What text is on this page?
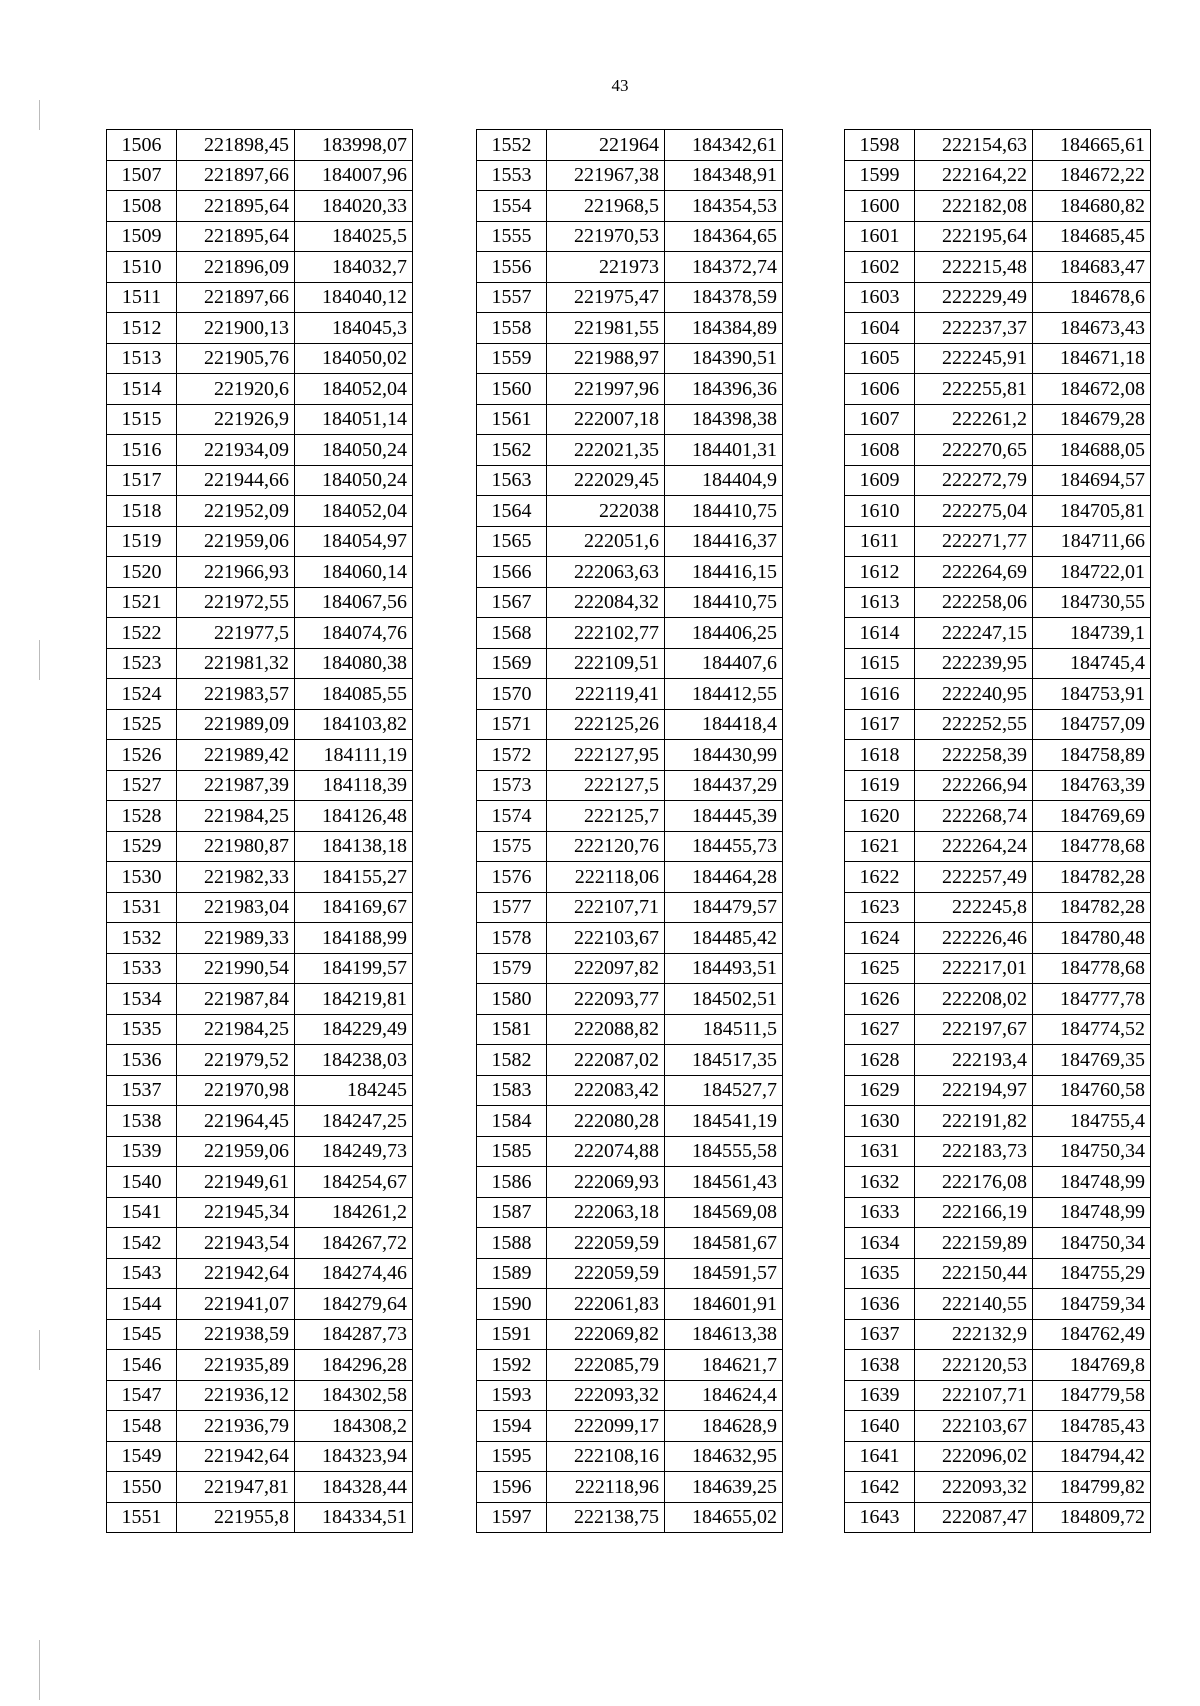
43
1506	221898,45	183998,07
1507	221897,66	184007,96
1508	221895,64	184020,33
1509	221895,64	184025,5
1510	221896,09	184032,7
1511	221897,66	184040,12
1512	221900,13	184045,3
1513	221905,76	184050,02
1514	221920,6	184052,04
1515	221926,9	184051,14
1516	221934,09	184050,24
1517	221944,66	184050,24
1518	221952,09	184052,04
1519	221959,06	184054,97
1520	221966,93	184060,14
1521	221972,55	184067,56
1522	221977,5	184074,76
1523	221981,32	184080,38
1524	221983,57	184085,55
1525	221989,09	184103,82
1526	221989,42	184111,19
1527	221987,39	184118,39
1528	221984,25	184126,48
1529	221980,87	184138,18
1530	221982,33	184155,27
1531	221983,04	184169,67
1532	221989,33	184188,99
1533	221990,54	184199,57
1534	221987,84	184219,81
1535	221984,25	184229,49
1536	221979,52	184238,03
1537	221970,98	184245
1538	221964,45	184247,25
1539	221959,06	184249,73
1540	221949,61	184254,67
1541	221945,34	184261,2
1542	221943,54	184267,72
1543	221942,64	184274,46
1544	221941,07	184279,64
1545	221938,59	184287,73
1546	221935,89	184296,28
1547	221936,12	184302,58
1548	221936,79	184308,2
1549	221942,64	184323,94
1550	221947,81	184328,44
1551	221955,8	184334,51
1552	221964	184342,61
1553	221967,38	184348,91
1554	221968,5	184354,53
1555	221970,53	184364,65
1556	221973	184372,74
1557	221975,47	184378,59
1558	221981,55	184384,89
1559	221988,97	184390,51
1560	221997,96	184396,36
1561	222007,18	184398,38
1562	222021,35	184401,31
1563	222029,45	184404,9
1564	222038	184410,75
1565	222051,6	184416,37
1566	222063,63	184416,15
1567	222084,32	184410,75
1568	222102,77	184406,25
1569	222109,51	184407,6
1570	222119,41	184412,55
1571	222125,26	184418,4
1572	222127,95	184430,99
1573	222127,5	184437,29
1574	222125,7	184445,39
1575	222120,76	184455,73
1576	222118,06	184464,28
1577	222107,71	184479,57
1578	222103,67	184485,42
1579	222097,82	184493,51
1580	222093,77	184502,51
1581	222088,82	184511,5
1582	222087,02	184517,35
1583	222083,42	184527,7
1584	222080,28	184541,19
1585	222074,88	184555,58
1586	222069,93	184561,43
1587	222063,18	184569,08
1588	222059,59	184581,67
1589	222059,59	184591,57
1590	222061,83	184601,91
1591	222069,82	184613,38
1592	222085,79	184621,7
1593	222093,32	184624,4
1594	222099,17	184628,9
1595	222108,16	184632,95
1596	222118,96	184639,25
1597	222138,75	184655,02
1598	222154,63	184665,61
1599	222164,22	184672,22
1600	222182,08	184680,82
1601	222195,64	184685,45
1602	222215,48	184683,47
1603	222229,49	184678,6
1604	222237,37	184673,43
1605	222245,91	184671,18
1606	222255,81	184672,08
1607	222261,2	184679,28
1608	222270,65	184688,05
1609	222272,79	184694,57
1610	222275,04	184705,81
1611	222271,77	184711,66
1612	222264,69	184722,01
1613	222258,06	184730,55
1614	222247,15	184739,1
1615	222239,95	184745,4
1616	222240,95	184753,91
1617	222252,55	184757,09
1618	222258,39	184758,89
1619	222266,94	184763,39
1620	222268,74	184769,69
1621	222264,24	184778,68
1622	222257,49	184782,28
1623	222245,8	184782,28
1624	222226,46	184780,48
1625	222217,01	184778,68
1626	222208,02	184777,78
1627	222197,67	184774,52
1628	222193,4	184769,35
1629	222194,97	184760,58
1630	222191,82	184755,4
1631	222183,73	184750,34
1632	222176,08	184748,99
1633	222166,19	184748,99
1634	222159,89	184750,34
1635	222150,44	184755,29
1636	222140,55	184759,34
1637	222132,9	184762,49
1638	222120,53	184769,8
1639	222107,71	184779,58
1640	222103,67	184785,43
1641	222096,02	184794,42
1642	222093,32	184799,82
1643	222087,47	184809,72
